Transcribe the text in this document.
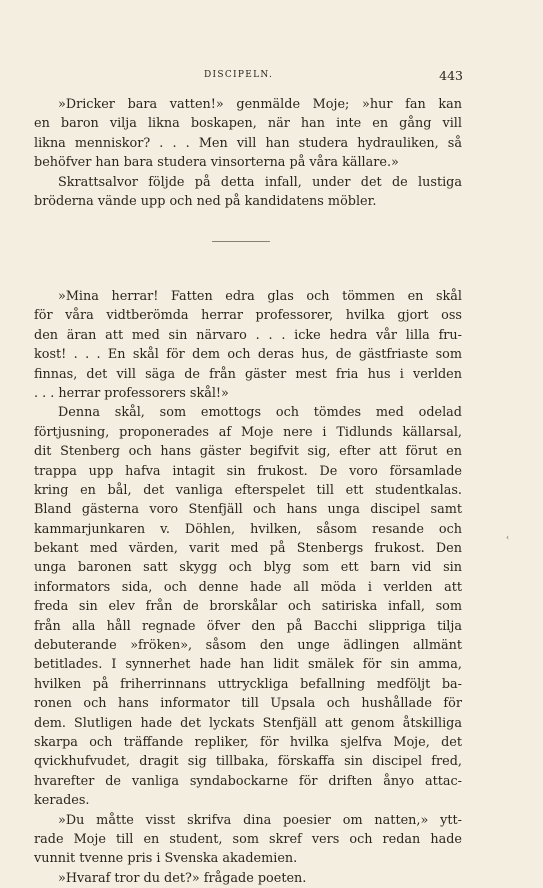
DISCIPELN.	443
»Dricker bara vatten!» genmälde Moje; »hur fan kan
en baron vilja likna boskapen, när han inte en gång vill
likna menniskor? . . . Men vill han studera hydrauliken, så
behöfver han bara studera vinsorterna på våra källare.»
Skrattsalvor följde på detta infall, under det de lustiga
bröderna vände upp och ned på kandidatens möbler.
»Mina herrar! Fatten edra glas och tömmen en skål
för våra vidtberömda herrar professorer, hvilka gjort oss
den äran att med sin närvaro . . . icke hedra vår lilla fru-
kost! . . . En skål för dem och deras hus, de gästfriaste som
finnas, det vill säga de från gäster mest fria hus i verlden
. . . herrar professorers skål!»
Denna skål, som emottogs och tömdes med odelad
förtjusning, proponerades af Moje nere i Tidlunds källarsal,
dit Stenberg och hans gäster begifvit sig, efter att förut en
trappa upp hafva intagit sin frukost. De voro församlade
kring en bål, det vanliga efterspelet till ett studentkalas.
Bland gästerna voro Stenfjäll och hans unga discipel samt
kammarjunkaren v. Döhlen, hvilken, såsom resande och
bekant med värden, varit med på Stenbergs frukost. Den
unga baronen satt skygg och blyg som ett barn vid sin
informators sida, och denne hade all möda i verlden att
freda sin elev från de brorskålar och satiriska infall, som
från alla håll regnade öfver den på Bacchi slippriga tilja
debuterande »fröken», såsom den unge ädlingen allmänt
betitlades. I synnerhet hade han lidit smälek för sin amma,
hvilken på friherrinnans uttryckliga befallning medföljt ba-
ronen och hans informator till Upsala och hushållade för
dem. Slutligen hade det lyckats Stenfjäll att genom åtskilliga
skarpa och träffande repliker, för hvilka sjelfva Moje, det
qvickhufvudet, dragit sig tillbaka, förskaffa sin discipel fred,
hvarefter de vanliga syndabockarne för driften ånyo attac-
kerades.
»Du måtte visst skrifva dina poesier om natten,» ytt-
rade Moje till en student, som skref vers och redan hade
vunnit tvenne pris i Svenska akademien.
»Hvaraf tror du det?» frågade poeten.
‹
